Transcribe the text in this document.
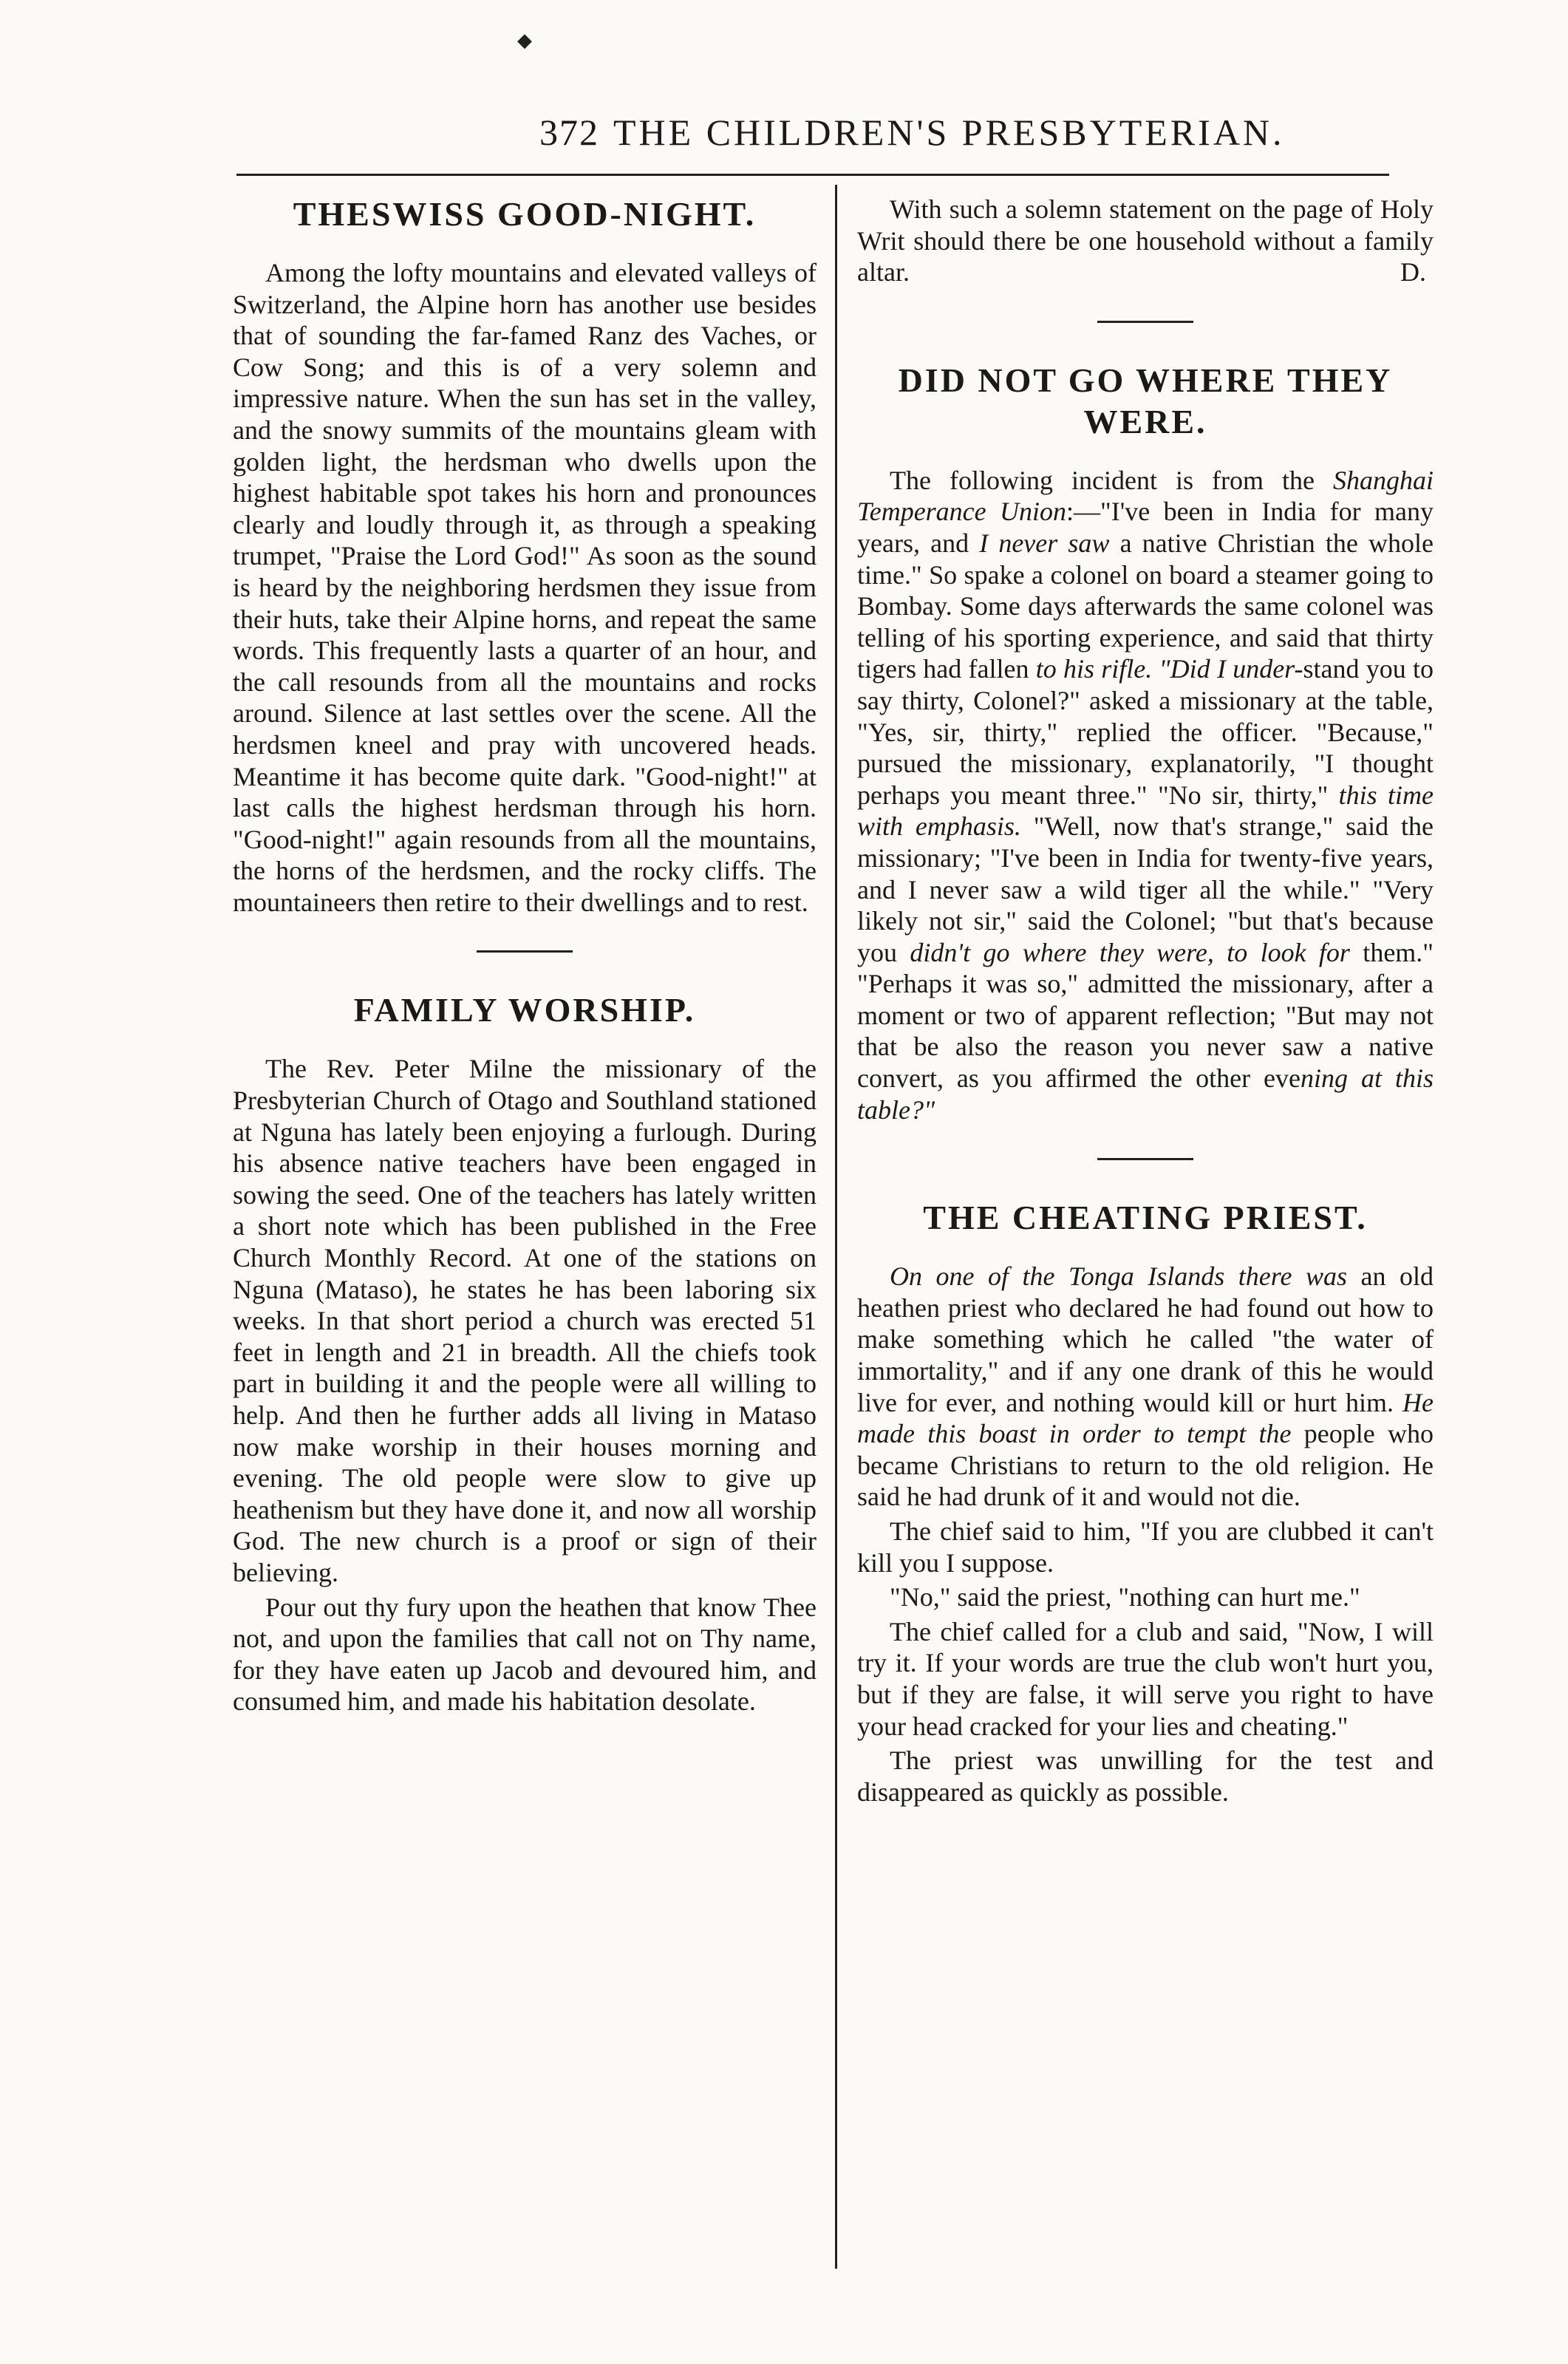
372 THE CHILDREN'S PRESBYTERIAN.
THESWISS GOOD-NIGHT.

Among the lofty mountains and elevated valleys of Switzerland, the Alpine horn has another use besides that of sounding the far-famed Ranz des Vaches, or Cow Song; and this is of a very solemn and impressive nature. When the sun has set in the valley, and the snowy summits of the mountains gleam with golden light, the herdsman who dwells upon the highest habitable spot takes his horn and pronounces clearly and loudly through it, as through a speaking trumpet, "Praise the Lord God!" As soon as the sound is heard by the neighboring herdsmen they issue from their huts, take their Alpine horns, and repeat the same words. This frequently lasts a quarter of an hour, and the call resounds from all the mountains and rocks around. Silence at last settles over the scene. All the herdsmen kneel and pray with uncovered heads. Meantime it has become quite dark. "Good-night!" at last calls the highest herdsman through his horn. "Good-night!" again resounds from all the mountains, the horns of the herdsmen, and the rocky cliffs. The mountaineers then retire to their dwellings and to rest.

FAMILY WORSHIP.

The Rev. Peter Milne the missionary of the Presbyterian Church of Otago and Southland stationed at Nguna has lately been enjoying a furlough. During his absence native teachers have been engaged in sowing the seed. One of the teachers has lately written a short note which has been published in the Free Church Monthly Record. At one of the stations on Nguna (Mataso), he states he has been laboring six weeks. In that short period a church was erected 51 feet in length and 21 in breadth. All the chiefs took part in building it and the people were all willing to help. And then he further adds all living in Mataso now make worship in their houses morning and evening. The old people were slow to give up heathenism but they have done it, and now all worship God. The new church is a proof or sign of their believing.

Pour out thy fury upon the heathen that know Thee not, and upon the families that call not on Thy name, for they have eaten up Jacob and devoured him, and consumed him, and made his habitation desolate.

With such a solemn statement on the page of Holy Writ should there be one household without a family altar.	D.

DID NOT GO WHERE THEY WERE.

The following incident is from the Shanghai Temperance Union:—"I've been in India for many years, and I never saw a native Christian the whole time." So spake a colonel on board a steamer going to Bombay. Some days afterwards the same colonel was telling of his sporting experience, and said that thirty tigers had fallen to his rifle. "Did I under-stand you to say thirty, Colonel?" asked a missionary at the table, "Yes, sir, thirty," replied the officer. "Because," pursued the missionary, explanatorily, "I thought perhaps you meant three." "No sir, thirty," this time with emphasis. "Well, now that's strange," said the missionary; "I've been in India for twenty-five years, and I never saw a wild tiger all the while." "Very likely not sir," said the Colonel; "but that's because you didn't go where they were, to look for them." "Perhaps it was so," admitted the missionary, after a moment or two of apparent reflection; "But may not that be also the reason you never saw a native convert, as you affirmed the other evening at this table?"

THE CHEATING PRIEST.

On one of the Tonga Islands there was an old heathen priest who declared he had found out how to make something which he called "the water of immortality," and if any one drank of this he would live for ever, and nothing would kill or hurt him. He made this boast in order to tempt the people who became Christians to return to the old religion. He said he had drunk of it and would not die.

The chief said to him, "If you are clubbed it can't kill you I suppose.

"No," said the priest, "nothing can hurt me."

The chief called for a club and said, "Now, I will try it. If your words are true the club won't hurt you, but if they are false, it will serve you right to have your head cracked for your lies and cheating."

The priest was unwilling for the test and disappeared as quickly as possible.

◆
